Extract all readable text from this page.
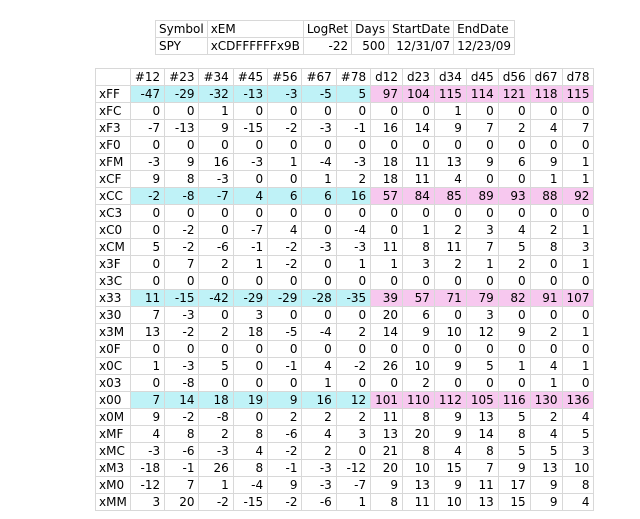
Symbol	xEM	LogRet	Days	StartDate	EndDate
SPY	xCDFFFFFFx9B	-22	500	12/31/07	12/23/09
	#12	#23	#34	#45	#56	#67	#78	d12	d23	d34	d45	d56	d67	d78
xFF	-47	-29	-32	-13	-3	-5	5	97	104	115	114	121	118	115
xFC	0	0	1	0	0	0	0	0	0	1	0	0	0	0
xF3	-7	-13	9	-15	-2	-3	-1	16	14	9	7	2	4	7
xF0	0	0	0	0	0	0	0	0	0	0	0	0	0	0
xFM	-3	9	16	-3	1	-4	-3	18	11	13	9	6	9	1
xCF	9	8	-3	0	0	1	2	18	11	4	0	0	1	1
xCC	-2	-8	-7	4	6	6	16	57	84	85	89	93	88	92
xC3	0	0	0	0	0	0	0	0	0	0	0	0	0	0
xC0	0	-2	0	-7	4	0	-4	0	1	2	3	4	2	1
xCM	5	-2	-6	-1	-2	-3	-3	11	8	11	7	5	8	3
x3F	0	7	2	1	-2	0	1	1	3	2	1	2	0	1
x3C	0	0	0	0	0	0	0	0	0	0	0	0	0	0
x33	11	-15	-42	-29	-29	-28	-35	39	57	71	79	82	91	107
x30	7	-3	0	3	0	0	0	20	6	0	3	0	0	0
x3M	13	-2	2	18	-5	-4	2	14	9	10	12	9	2	1
x0F	0	0	0	0	0	0	0	0	0	0	0	0	0	0
x0C	1	-3	5	0	-1	4	-2	26	10	9	5	1	4	1
x03	0	-8	0	0	0	1	0	0	2	0	0	0	1	0
x00	7	14	18	19	9	16	12	101	110	112	105	116	130	136
x0M	9	-2	-8	0	2	2	2	11	8	9	13	5	2	4
xMF	4	8	2	8	-6	4	3	13	20	9	14	8	4	5
xMC	-3	-6	-3	4	-2	2	0	21	8	4	8	5	5	3
xM3	-18	-1	26	8	-1	-3	-12	20	10	15	7	9	13	10
xM0	-12	7	1	-4	9	-3	-7	9	13	9	11	17	9	8
xMM	3	20	-2	-15	-2	-6	1	8	11	10	13	15	9	4
